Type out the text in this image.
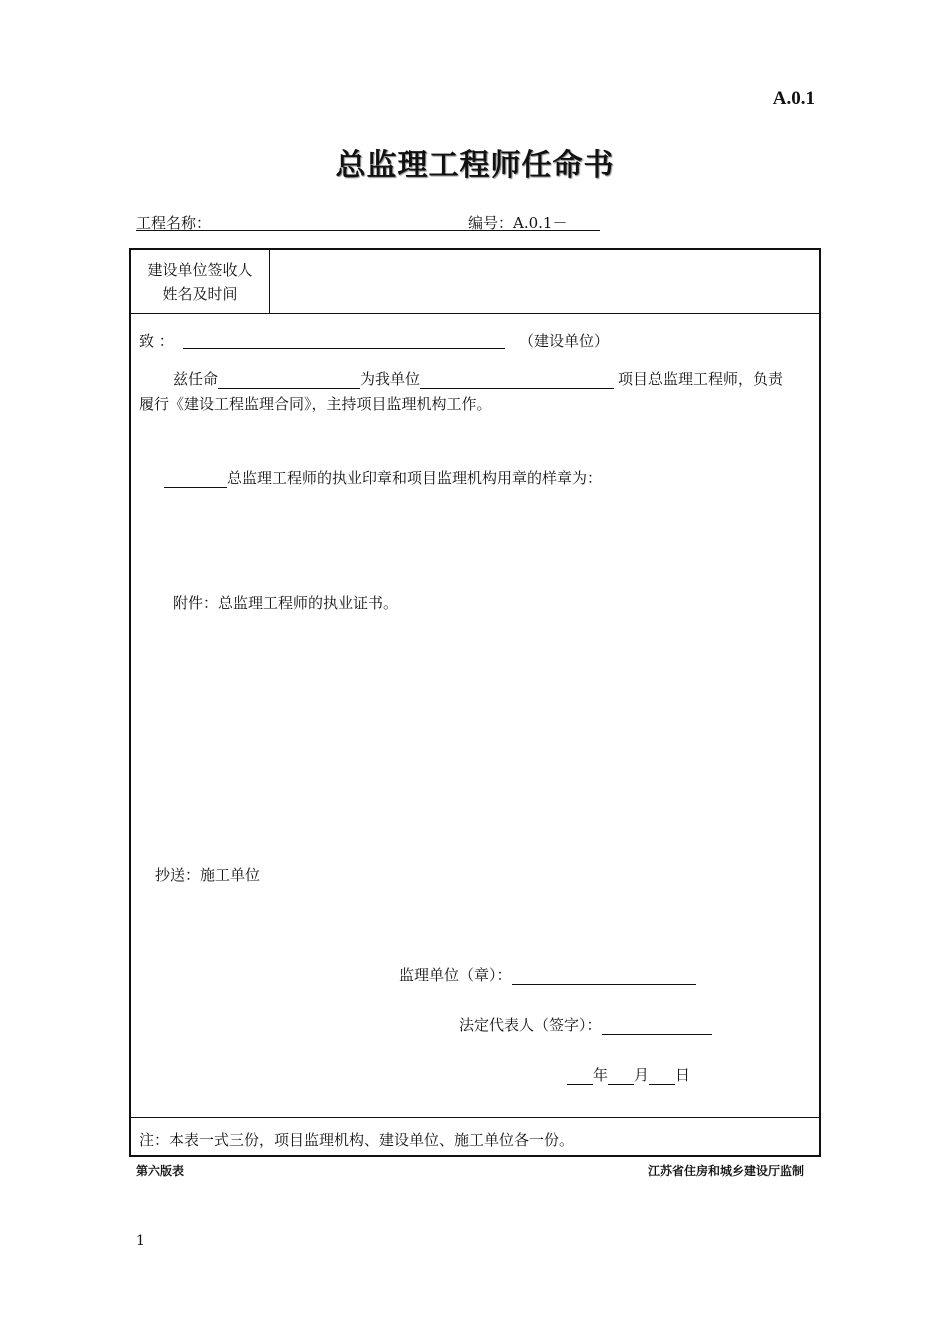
A.0.1
总监理工程师任命书
工程名称：	编号：A.0.1－
建设单位签收人
姓名及时间
致 ：	（建设单位）
兹任命	为我单位	项目总监理工程师，负责
履行《建设工程监理合同》，主持项目监理机构工作。
总监理工程师的执业印章和项目监理机构用章的样章为：
附件：总监理工程师的执业证书。
抄送：施工单位
监理单位（章）：
法定代表人（签字）：
年 月 日
注：本表一式三份，项目监理机构、建设单位、施工单位各一份。
第六版表	江苏省住房和城乡建设厅监制
1
